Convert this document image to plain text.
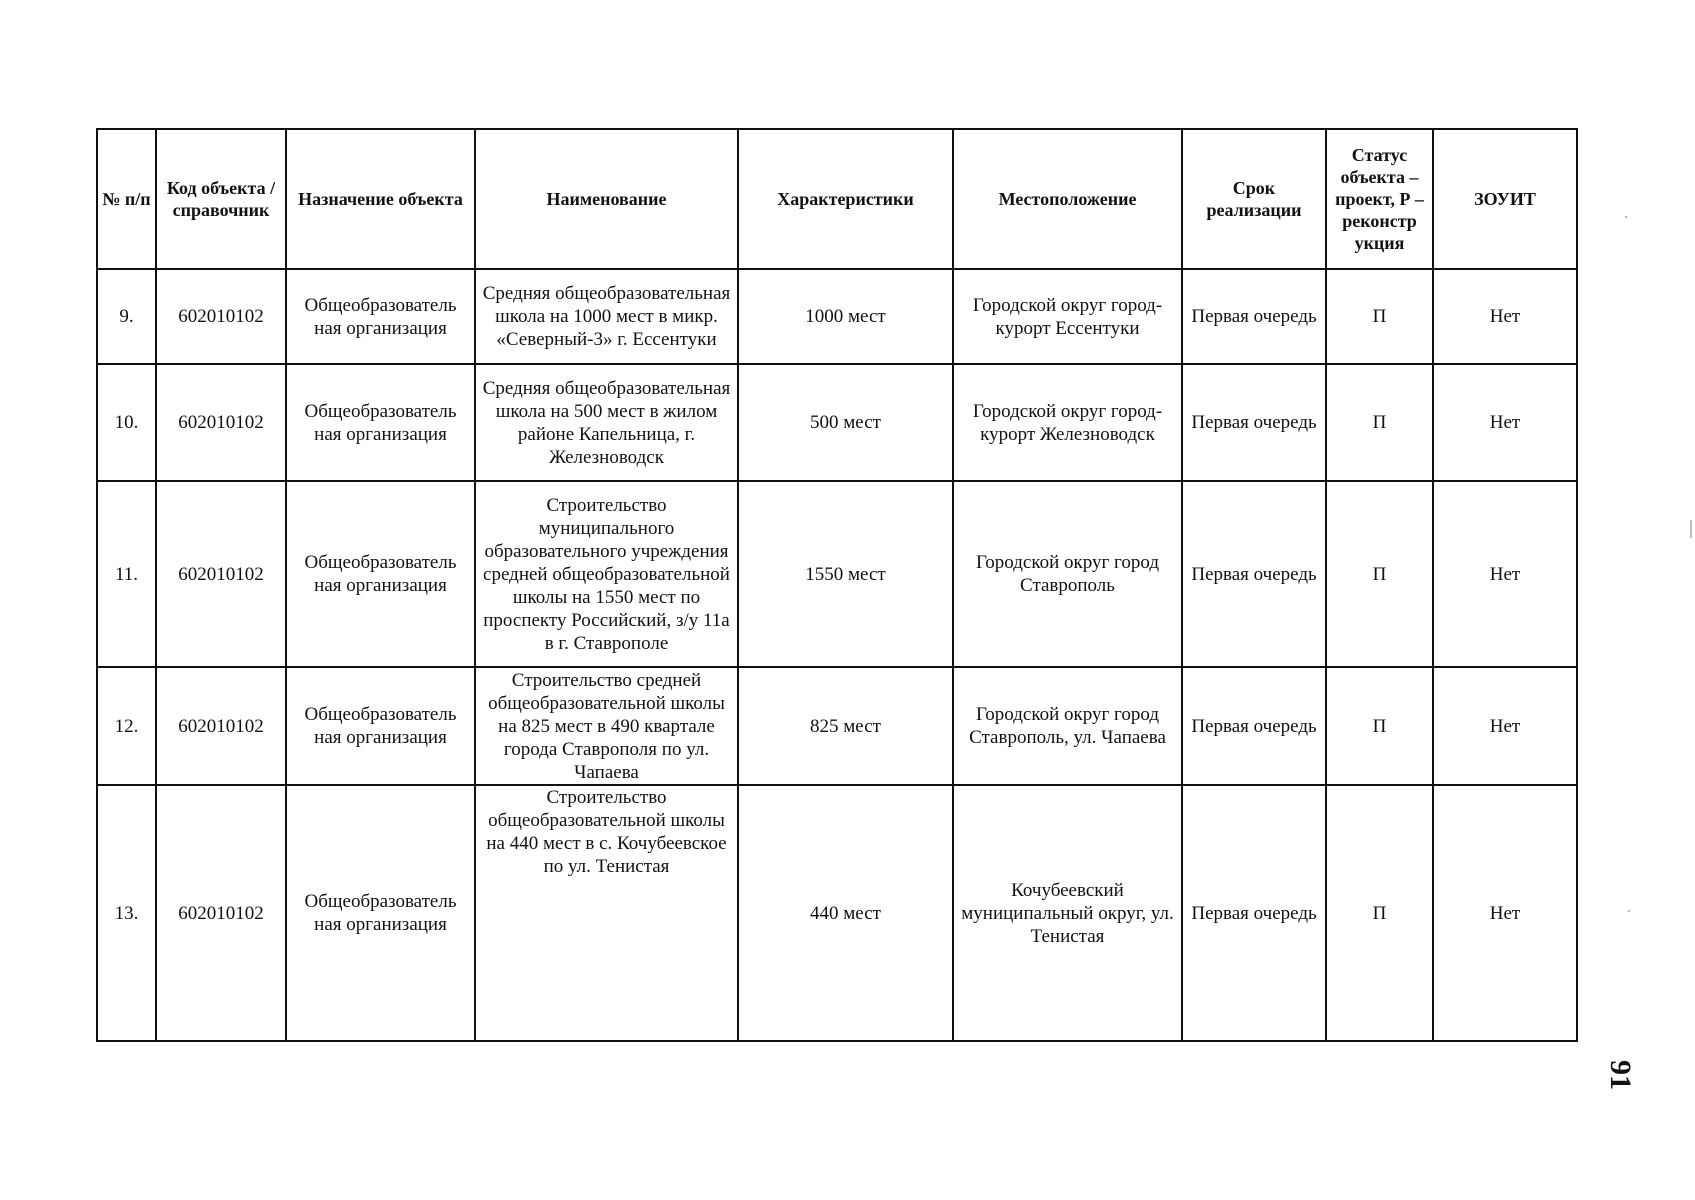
№ п/п	Код объекта / справочник	Назначение объекта	Наименование	Характеристики	Местоположение	Срок реализации	Статус объекта – проект, Р – реконстр укция	ЗОУИТ
9.	602010102	Общеобразователь ная организация	Средняя общеобразовательная школа на 1000 мест в микр. «Северный-3» г. Ессентуки	1000 мест	Городской округ город-курорт Ессентуки	Первая очередь	П	Нет
10.	602010102	Общеобразователь ная организация	Средняя общеобразовательная школа на 500 мест в жилом районе Капельница, г. Железноводск	500 мест	Городской округ город-курорт Железноводск	Первая очередь	П	Нет
11.	602010102	Общеобразователь ная организация	Строительство муниципального образовательного учреждения средней общеобразовательной школы на 1550 мест по проспекту Российский, з/у 11а в г. Ставрополе	1550 мест	Городской округ город Ставрополь	Первая очередь	П	Нет
12.	602010102	Общеобразователь ная организация	Строительство средней общеобразовательной школы на 825 мест в 490 квартале города Ставрополя по ул. Чапаева	825 мест	Городской округ город Ставрополь, ул. Чапаева	Первая очередь	П	Нет
13.	602010102	Общеобразователь ная организация	Строительство общеобразовательной школы на 440 мест в с. Кочубеевское по ул. Тенистая	440 мест	Кочубеевский муниципальный округ, ул. Тенистая	Первая очередь	П	Нет
91
